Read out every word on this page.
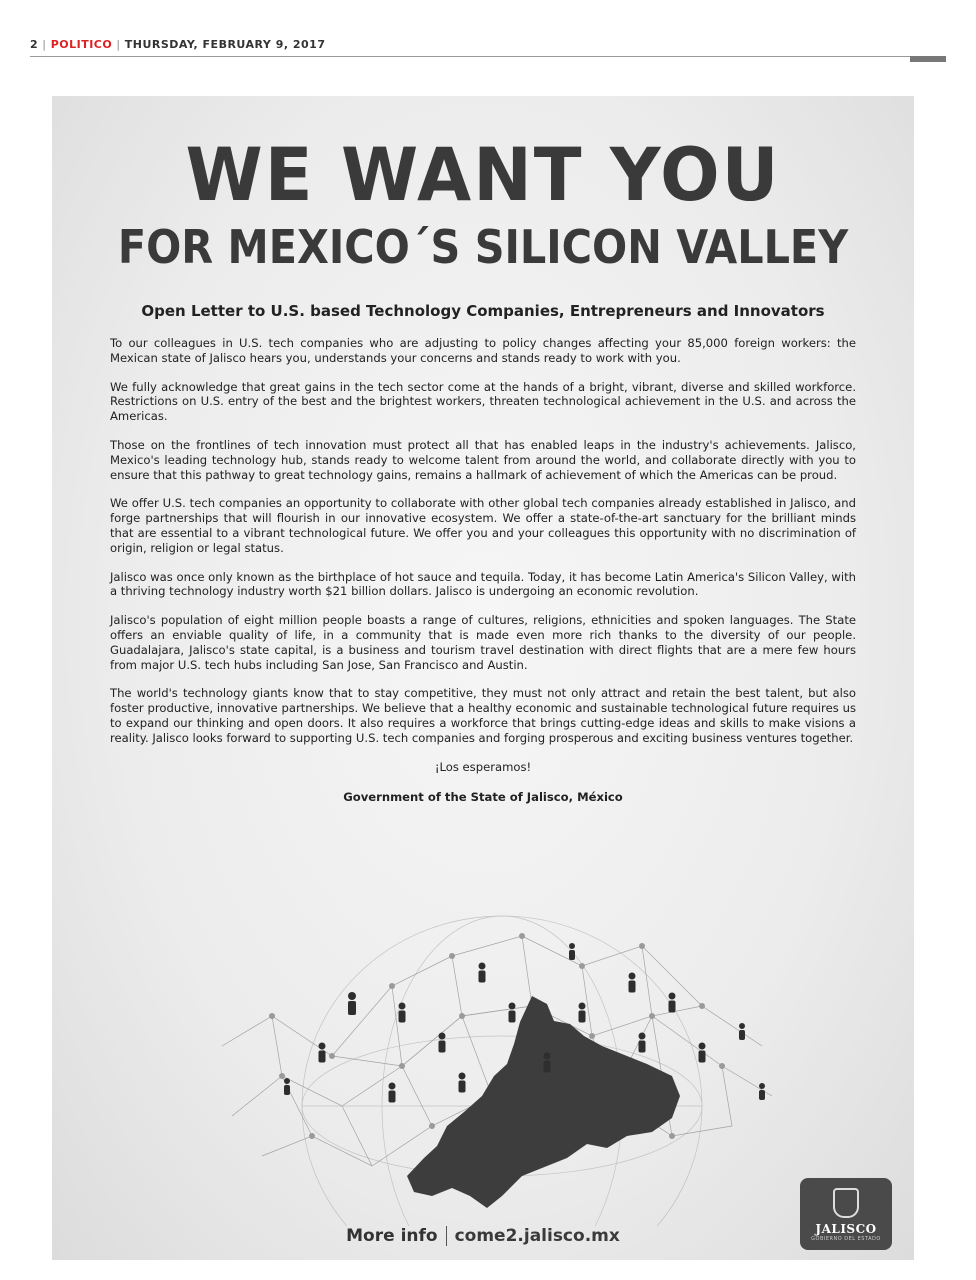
2 | POLITICO | THURSDAY, FEBRUARY 9, 2017
WE WANT YOU
FOR MEXICO´S SILICON VALLEY
Open Letter to U.S. based Technology Companies, Entrepreneurs and Innovators

To our colleagues in U.S. tech companies who are adjusting to policy changes affecting your 85,000 foreign workers: the Mexican state of Jalisco hears you, understands your concerns and stands ready to work with you.

We fully acknowledge that great gains in the tech sector come at the hands of a bright, vibrant, diverse and skilled workforce. Restrictions on U.S. entry of the best and the brightest workers, threaten technological achievement in the U.S. and across the Americas.

Those on the frontlines of tech innovation must protect all that has enabled leaps in the industry's achievements. Jalisco, Mexico's leading technology hub, stands ready to welcome talent from around the world, and collaborate directly with you to ensure that this pathway to great technology gains, remains a hallmark of achievement of which the Americas can be proud.

We offer U.S. tech companies an opportunity to collaborate with other global tech companies already established in Jalisco, and forge partnerships that will flourish in our innovative ecosystem. We offer a state-of-the-art sanctuary for the brilliant minds that are essential to a vibrant technological future. We offer you and your colleagues this opportunity with no discrimination of origin, religion or legal status.

Jalisco was once only known as the birthplace of hot sauce and tequila. Today, it has become Latin America's Silicon Valley, with a thriving technology industry worth $21 billion dollars. Jalisco is undergoing an economic revolution.

Jalisco's population of eight million people boasts a range of cultures, religions, ethnicities and spoken languages. The State offers an enviable quality of life, in a community that is made even more rich thanks to the diversity of our people. Guadalajara, Jalisco's state capital, is a business and tourism travel destination with direct flights that are a mere few hours from major U.S. tech hubs including San Jose, San Francisco and Austin.

The world's technology giants know that to stay competitive, they must not only attract and retain the best talent, but also foster productive, innovative partnerships. We believe that a healthy economic and sustainable technological future requires us to expand our thinking and open doors. It also requires a workforce that brings cutting-edge ideas and skills to make visions a reality. Jalisco looks forward to supporting U.S. tech companies and forging prosperous and exciting business ventures together.

¡Los esperamos!

Government of the State of Jalisco, México

JALISCO
GOBIERNO DEL ESTADO
More info come2.jalisco.mx
